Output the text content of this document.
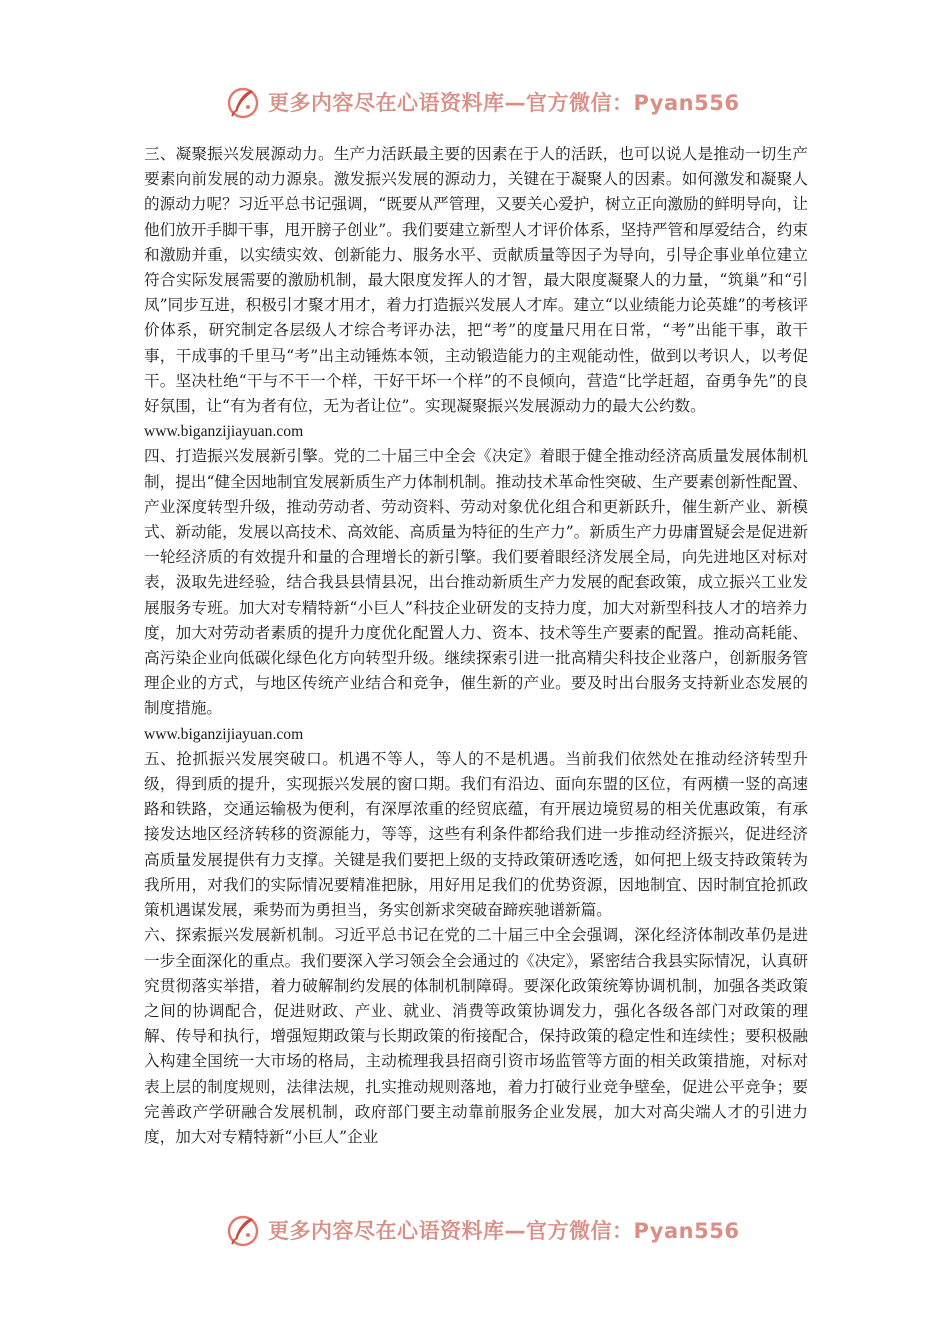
更多内容尽在心语资料库—官方微信：Pyan556

三、凝聚振兴发展源动力。生产力活跃最主要的因素在于人的活跃，也可以说人是推动一切生产要素向前发展的动力源泉。激发振兴发展的源动力，关键在于凝聚人的因素。如何激发和凝聚人的源动力呢？习近平总书记强调，“既要从严管理，又要关心爱护，树立正向激励的鲜明导向，让他们放开手脚干事，甩开膀子创业”。我们要建立新型人才评价体系，坚持严管和厚爱结合，约束和激励并重，以实绩实效、创新能力、服务水平、贡献质量等因子为导向，引导企事业单位建立符合实际发展需要的激励机制，最大限度发挥人的才智，最大限度凝聚人的力量，“筑巢”和“引凤”同步互进，积极引才聚才用才，着力打造振兴发展人才库。建立“以业绩能力论英雄”的考核评价体系，研究制定各层级人才综合考评办法，把“考”的度量尺用在日常，“考”出能干事，敢干事，干成事的千里马“考”出主动锤炼本领，主动锻造能力的主观能动性，做到以考识人，以考促干。坚决杜绝“干与不干一个样，干好干坏一个样”的不良倾向，营造“比学赶超，奋勇争先”的良好氛围，让“有为者有位，无为者让位”。实现凝聚振兴发展源动力的最大公约数。

www.biganzijiayuan.com

四、打造振兴发展新引擎。党的二十届三中全会《决定》着眼于健全推动经济高质量发展体制机制，提出“健全因地制宜发展新质生产力体制机制。推动技术革命性突破、生产要素创新性配置、产业深度转型升级，推动劳动者、劳动资料、劳动对象优化组合和更新跃升，催生新产业、新模式、新动能，发展以高技术、高效能、高质量为特征的生产力”。新质生产力毋庸置疑会是促进新一轮经济质的有效提升和量的合理增长的新引擎。我们要着眼经济发展全局，向先进地区对标对表，汲取先进经验，结合我县县情县况，出台推动新质生产力发展的配套政策，成立振兴工业发展服务专班。加大对专精特新“小巨人”科技企业研发的支持力度，加大对新型科技人才的培养力度，加大对劳动者素质的提升力度优化配置人力、资本、技术等生产要素的配置。推动高耗能、高污染企业向低碳化绿色化方向转型升级。继续探索引进一批高精尖科技企业落户，创新服务管理企业的方式，与地区传统产业结合和竞争，催生新的产业。要及时出台服务支持新业态发展的制度措施。

www.biganzijiayuan.com

五、抢抓振兴发展突破口。机遇不等人，等人的不是机遇。当前我们依然处在推动经济转型升级，得到质的提升，实现振兴发展的窗口期。我们有沿边、面向东盟的区位，有两横一竖的高速路和铁路，交通运输极为便利，有深厚浓重的经贸底蕴，有开展边境贸易的相关优惠政策，有承接发达地区经济转移的资源能力，等等，这些有利条件都给我们进一步推动经济振兴，促进经济高质量发展提供有力支撑。关键是我们要把上级的支持政策研透吃透，如何把上级支持政策转为我所用，对我们的实际情况要精准把脉，用好用足我们的优势资源，因地制宜、因时制宜抢抓政策机遇谋发展，乘势而为勇担当，务实创新求突破奋蹄疾驰谱新篇。

六、探索振兴发展新机制。习近平总书记在党的二十届三中全会强调，深化经济体制改革仍是进一步全面深化的重点。我们要深入学习领会全会通过的《决定》，紧密结合我县实际情况，认真研究贯彻落实举措，着力破解制约发展的体制机制障碍。要深化政策统筹协调机制，加强各类政策之间的协调配合，促进财政、产业、就业、消费等政策协调发力，强化各级各部门对政策的理解、传导和执行，增强短期政策与长期政策的衔接配合，保持政策的稳定性和连续性；要积极融入构建全国统一大市场的格局，主动梳理我县招商引资市场监管等方面的相关政策措施，对标对表上层的制度规则，法律法规，扎实推动规则落地，着力打破行业竞争壁垒，促进公平竞争；要完善政产学研融合发展机制，政府部门要主动靠前服务企业发展，加大对高尖端人才的引进力度，加大对专精特新“小巨人”企业

更多内容尽在心语资料库—官方微信：Pyan556
